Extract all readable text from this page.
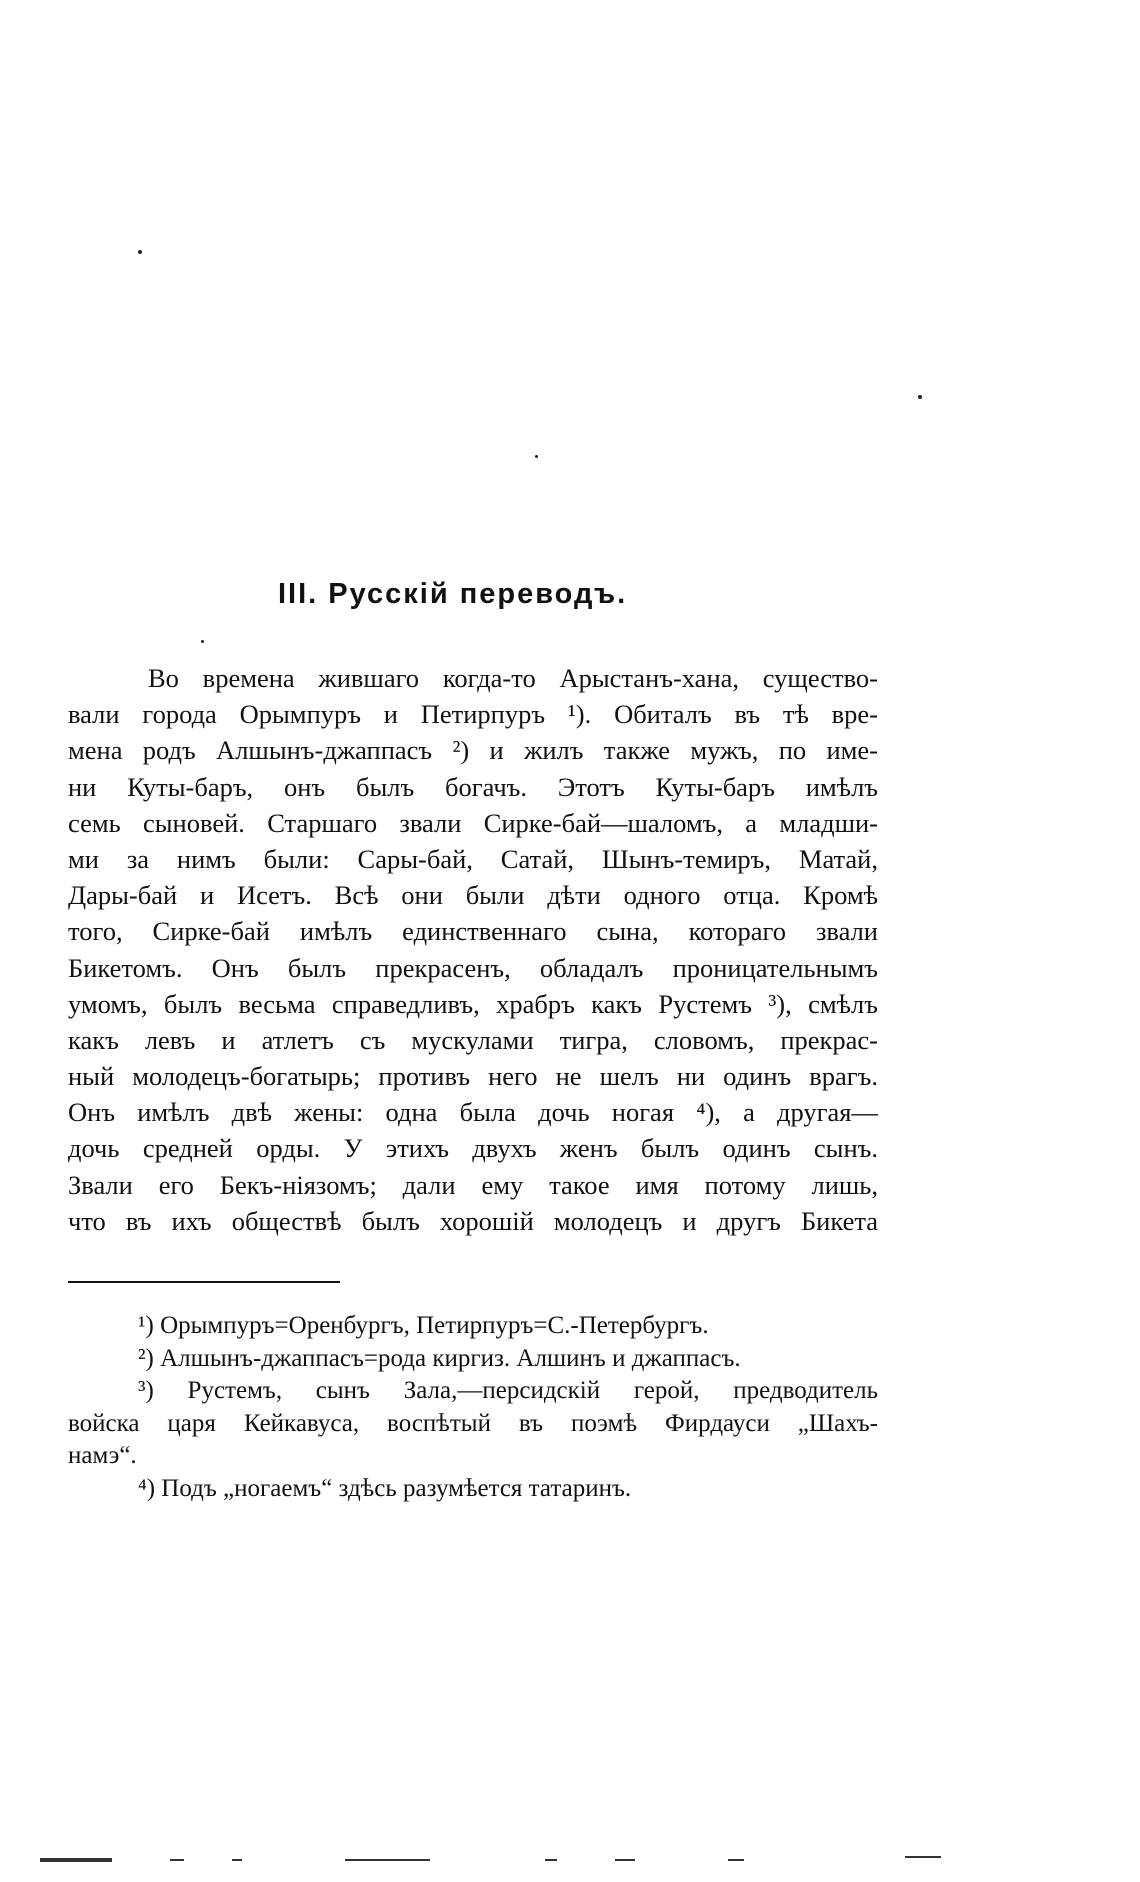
III. Русскій переводъ.
Во времена жившаго когда-то Арыстанъ-хана, существо-
вали города Орымпуръ и Петирпуръ ¹). Обиталъ въ тѣ вре-
мена родъ Алшынъ-джаппасъ ²) и жилъ также мужъ, по име-
ни Куты-баръ, онъ былъ богачъ. Этотъ Куты-баръ имѣлъ
семь сыновей. Старшаго звали Сирке-бай—шаломъ, а младши-
ми за нимъ были: Сары-бай, Сатай, Шынъ-темиръ, Матай,
Дары-бай и Исетъ. Всѣ они были дѣти одного отца. Кромѣ
того, Сирке-бай имѣлъ единственнаго сына, котораго звали
Бикетомъ. Онъ былъ прекрасенъ, обладалъ проницательнымъ
умомъ, былъ весьма справедливъ, храбръ какъ Рустемъ ³), смѣлъ
какъ левъ и атлетъ съ мускулами тигра, словомъ, прекрас-
ный молодецъ-богатырь; противъ него не шелъ ни одинъ врагъ.
Онъ имѣлъ двѣ жены: одна была дочь ногая ⁴), а другая—
дочь средней орды. У этихъ двухъ женъ былъ одинъ сынъ.
Звали его Бекъ-ніязомъ; дали ему такое имя потому лишь,
что въ ихъ обществѣ былъ хорошій молодецъ и другъ Бикета
¹) Орымпуръ=Оренбургъ, Петирпуръ=С.-Петербургъ.
²) Алшынъ-джаппасъ=рода киргиз. Алшинъ и джаппасъ.
³) Рустемъ, сынъ Зала,—персидскій герой, предводитель
войска царя Кейкавуса, воспѣтый въ поэмѣ Фирдауси „Шахъ-
намэ“.
⁴) Подъ „ногаемъ“ здѣсь разумѣется татаринъ.
